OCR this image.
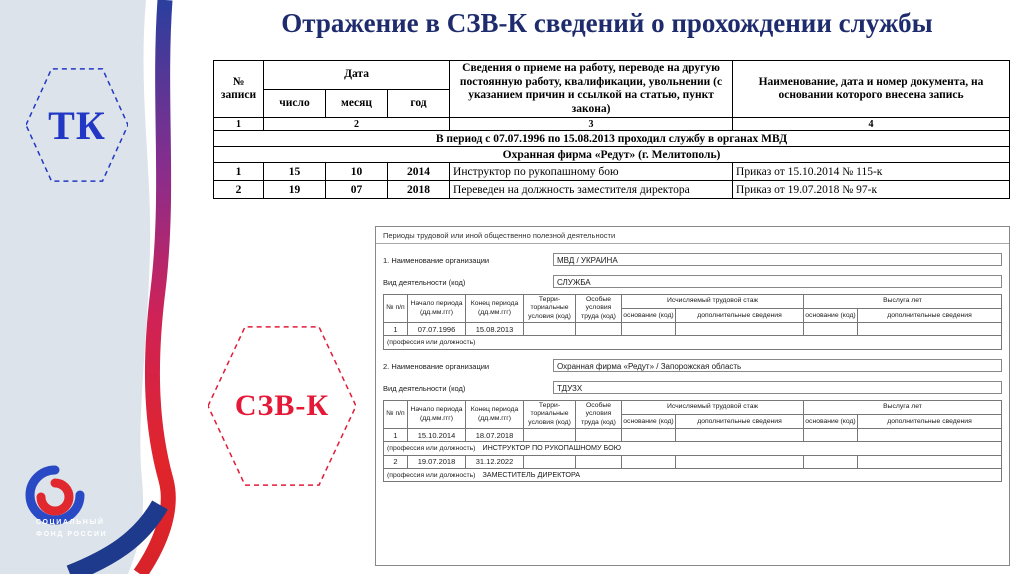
СОЦИАЛЬНЫЙ
ФОНД РОССИИ
ТК
СЗВ-К
Отражение в СЗВ-К сведений о прохождении службы
№ записи	Дата			Сведения о приеме на работу, переводе на другую постоянную работу, квалификации, увольнении (с указанием причин и ссылкой на статью, пункт закона)	Наименование, дата и номер документа, на основании которого внесена запись
	число	месяц	год		
1	2			3	4
В период с 07.07.1996 по 15.08.2013 проходил службу в органах МВД					
Охранная фирма «Редут» (г. Мелитополь)					
1	15	10	2014	Инструктор по рукопашному бою	Приказ от 15.10.2014 № 115-к
2	19	07	2018	Переведен на должность заместителя директора	Приказ от 19.07.2018 № 97-к
Периоды трудовой или иной общественно полезной деятельности
1. Наименование организации	МВД / УКРАИНА
Вид деятельности (код)	СЛУЖБА
№ п/п	Начало периода (дд.мм.ггг)	Конец периода (дд.мм.ггг)	Терри- ториальные условия (код)	Особые условия труда (код)	Исчисляемый трудовой стаж		Выслуга лет	
					основание (код)	дополнительные сведения	основание (код)	дополнительные сведения
1	07.07.1996	15.08.2013						
(профессия или должность)								
2. Наименование организации	Охранная фирма «Редут» / Запорожская область
Вид деятельности (код)	ТДУЗХ
№ п/п	Начало периода (дд.мм.ггг)	Конец периода (дд.мм.ггг)	Терри- ториальные условия (код)	Особые условия труда (код)	Исчисляемый трудовой стаж		Выслуга лет	
					основание (код)	дополнительные сведения	основание (код)	дополнительные сведения
1	15.10.2014	18.07.2018						
(профессия или должность) ИНСТРУКТОР ПО РУКОПАШНОМУ БОЮ								
2	19.07.2018	31.12.2022						
(профессия или должность) ЗАМЕСТИТЕЛЬ ДИРЕКТОРА								
